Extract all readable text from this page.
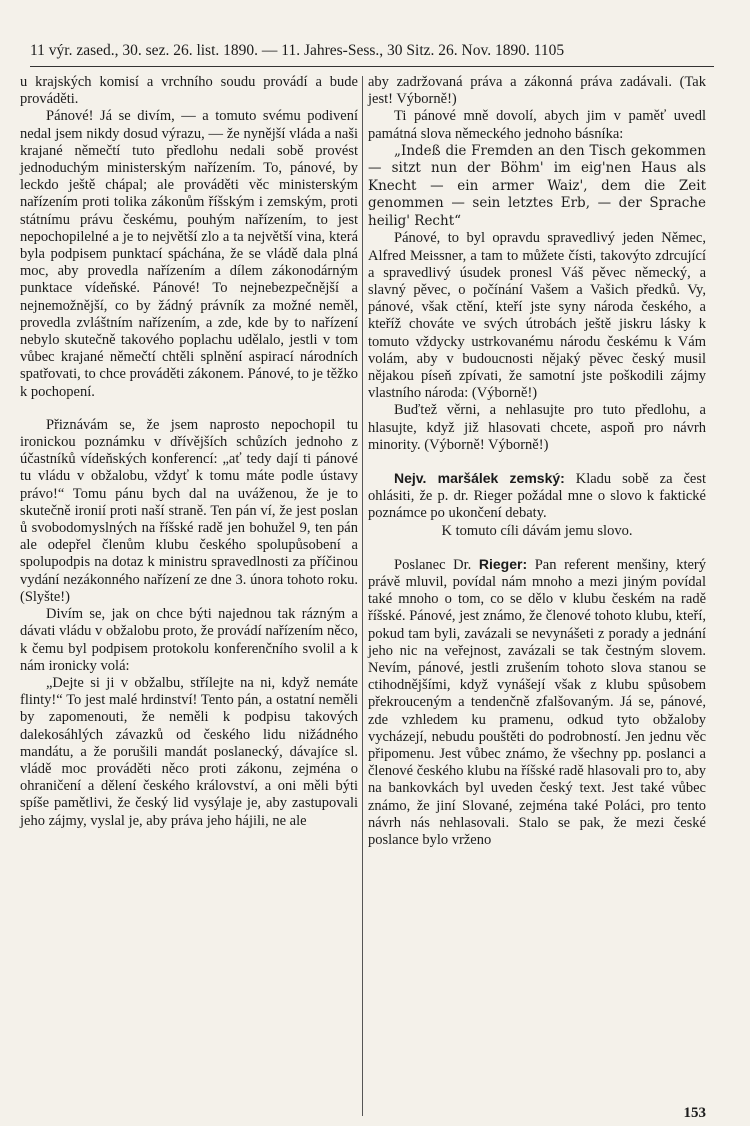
11 výr. zased., 30. sez. 26. list. 1890. — 11. Jahres-Sess., 30 Sitz. 26. Nov. 1890. 1105

u krajských komisí a vrchního soudu provádí a bude prováděti.

Pánové! Já se divím, — a tomuto svému podivení nedal jsem nikdy dosud výrazu, — že nynější vláda a naši krajané němečtí tuto předlohu nedali sobě provést jednoduchým ministerským nařízením. To, pánové, by leckdo ještě chápal; ale prováděti věc ministerským nařízením proti tolika zákonům říšským i zemským, proti státnímu právu českému, pouhým nařízením, to jest nepochopilelné a je to největší zlo a ta největší vina, která byla podpisem punktací spáchána, že se vládě dala plná moc, aby provedla nařízením a dílem zákonodárným punktace vídeňské. Pánové! To nejnebezpečnější a nejnemožnější, co by žádný právník za možné neměl, provedla zvláštním nařízením, a zde, kde by to nařízení nebylo skutečně takového poplachu udělalo, jestli v tom vůbec krajané němečtí chtěli splnění aspirací národních spatřovati, to chce prováděti zákonem. Pánové, to je těžko k pochopení.

Přiznávám se, že jsem naprosto nepochopil tu ironickou poznámku v dřívějších schůzích jednoho z účastníků vídeňských konferencí: „ať tedy dají ti pánové tu vládu v obžalobu, vždyť k tomu máte podle ústavy právo!“ Tomu pánu bych dal na uváženou, že je to skutečně ironií proti naší straně. Ten pán ví, že jest poslan ů svobodomyslných na říšské radě jen bohužel 9, ten pán ale odepřel členům klubu českého spolupůsobení a spolupodpis na dotaz k ministru spravedlnosti za příčinou vydání nezákonného nařízení ze dne 3. února tohoto roku. (Slyšte!)

Divím se, jak on chce býti najednou tak rázným a dávati vládu v obžalobu proto, že provádí nařízením něco, k čemu byl podpisem protokolu konferenčního svolil a k nám ironicky volá:

„Dejte si ji v obžalbu, střílejte na ni, když nemáte flinty!“ To jest malé hrdinství! Tento pán, a ostatní neměli by zapomenouti, že neměli k podpisu takových dalekosáhlých závazků od českého lidu nižádného mandátu, a že porušili mandát poslanecký, dávajíce sl. vládě moc prováděti něco proti zákonu, zejména o ohraničení a dělení českého království, a oni měli býti spíše pamětlivi, že český lid vysýlaje je, aby zastupovali jeho zájmy, vyslal je, aby práva jeho hájili, ne ale

aby zadržovaná práva a zákonná práva zadávali. (Tak jest! Výborně!)

Ti pánové mně dovolí, abych jim v paměť uvedl památná slova německého jednoho básníka:

„Indeß die Fremden an den Tisch gekommen — sitzt nun der Böhm' im eig'nen Haus als Knecht — ein armer Waiz', dem die Zeit genommen — sein letztes Erb, — der Sprache heilig' Recht“

Pánové, to byl opravdu spravedlivý jeden Němec, Alfred Meissner, a tam to můžete čísti, takovýto zdrcující a spravedlivý úsudek pronesl Váš pěvec německý, a slavný pěvec, o počínání Vašem a Vašich předků. Vy, pánové, však ctění, kteří jste syny národa českého, a kteříž chováte ve svých útrobách ještě jiskru lásky k tomuto vždycky ustrkovanému národu českému k Vám volám, aby v budoucnosti nějaký pěvec český musil nějakou píseň zpívati, že samotní jste poškodili zájmy vlastního národa: (Výborně!)

Buďtež věrni, a nehlasujte pro tuto předlohu, a hlasujte, když již hlasovati chcete, aspoň pro návrh minority. (Výborně! Výborně!)

Nejv. maršálek zemský: Kladu sobě za čest ohlásiti, že p. dr. Rieger požádal mne o slovo k faktické poznámce po ukončení debaty.

K tomuto cíli dávám jemu slovo.

Poslanec Dr. Rieger: Pan referent menšiny, který právě mluvil, povídal nám mnoho a mezi jiným povídal také mnoho o tom, co se dělo v klubu českém na radě říšské. Pánové, jest známo, že členové tohoto klubu, kteří, pokud tam byli, zavázali se nevynášeti z porady a jednání jeho nic na veřejnost, zavázali se tak čestným slovem. Nevím, pánové, jestli zrušením tohoto slova stanou se ctihodnějšími, když vynášejí však z klubu spůsobem překrouceným a tendenčně zfalšovaným. Já se, pánové, zde vzhledem ku pramenu, odkud tyto obžaloby vycházejí, nebudu pouštěti do podrobností. Jen jednu věc připomenu. Jest vůbec známo, že všechny pp. poslanci a členové českého klubu na říšské radě hlasovali pro to, aby na bankovkách byl uveden český text. Jest také vůbec známo, že jiní Slované, zejména také Poláci, pro tento návrh nás nehlasovali. Stalo se pak, že mezi české poslance bylo vrženo

153
